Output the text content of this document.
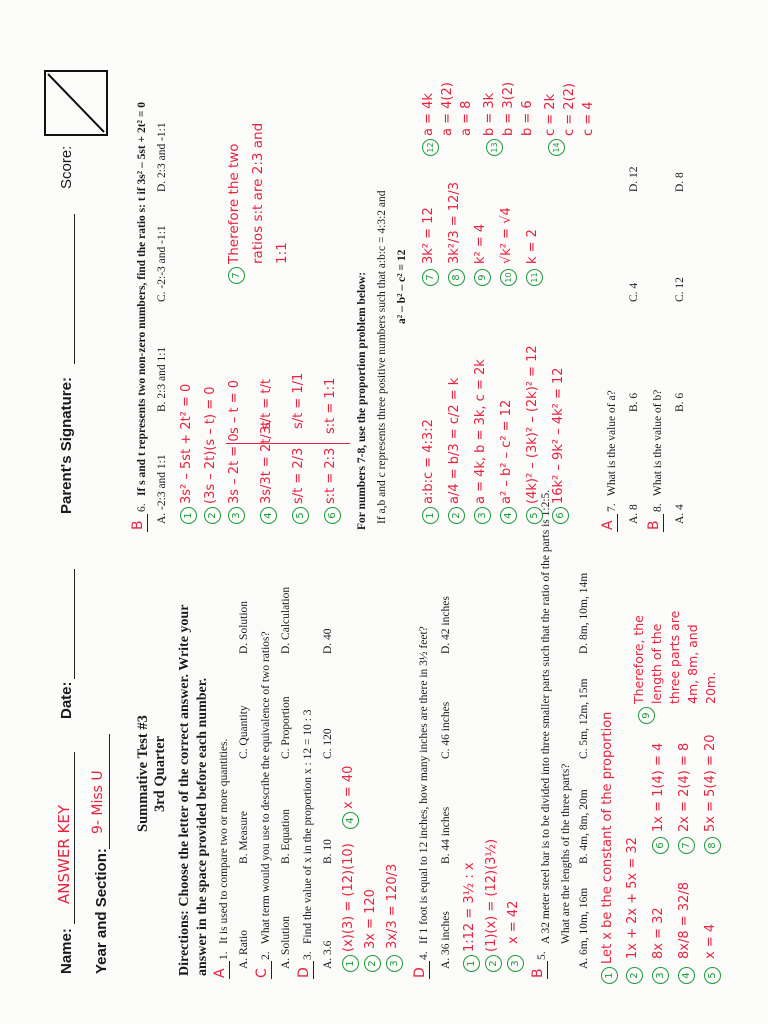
Name:
ANSWER KEY
Date:
Parent's Signature:
Score:
Year and Section:
9- Miss U Summative Test #3 3rd Quarter Directions: Choose the letter of the correct answer. Write your answer in the space provided before each number. A
1.
It is used to compare two or more quantities.
A. Ratio
B. Measure
C. Quantity
D. Solution
C
2.
What term would you use to describe the equivalence of two ratios? A. Solution
B. Equation
C. Proportion
D. Calculation
D
3.
Find the value of x in the proportion x : 12 = 10 : 3
A. 3.6
B. 10
C. 120
D. 40
1
(x)(3) = (12)(10)
2
3x = 120
3
3x/3 = 120/3
4
x = 40
D
4.
If 1 foot is equal to 12 inches, how many inches are there in 3½ feet? A. 36 inches
B. 44 inches
C. 46 inches
D. 42 inches
1
1:12 = 3½ : x
2
(1)(x) = (12)(3½)
3
x = 42
B
5.
A 32 meter steel bar is to be divided into three smaller parts such that the ratio of the parts is 1:2:5. What are the lengths of the three parts? A. 6m, 10m, 16m
B. 4m, 8m, 20m
C. 5m, 12m, 15m
D. 8m, 10m, 14m
1
Let x be the constant of the proportion
2
1x + 2x + 5x = 32
3
8x = 32
4
8x/8 = 32/8
5
x = 4
6
1x = 1(4) = 4
7
2x = 2(4) = 8
8
5x = 5(4) = 20
9
Therefore, the length of the three parts are 4m, 8m, and 20m.
B
6.
If s and t represents two non-zero numbers, find the ratio s: t if 3s² – 5st + 2t² = 0 A. -2:3 and 1:1
B. 2:3 and 1:1
C. -2:-3 and -1:1
D. 2:3 and -1:1
1
3s² – 5st + 2t² = 0
2
(3s – 2t)(s – t) = 0
3
3s – 2t = 0
4
3s/3t = 2t/3t
5
s/t = 2/3
6
s:t = 2:3
s – t = 0 s/t = t/t s/t = 1/1 s:t = 1:1
7
Therefore the two ratios s:t are 2:3 and 1:1
For numbers 7-8, use the proportion problem below: If a,b and c represents three positive numbers such that a:b:c = 4:3:2 and a² – b² – c² = 12
1
a:b:c = 4:3:2
2
a/4 = b/3 = c/2 = k
3
a = 4k, b = 3k, c = 2k
4
a² – b² – c² = 12
5
(4k)² – (3k)² – (2k)² = 12
6
16k² – 9k² – 4k² = 12
7
3k² = 12
8
3k²/3 = 12/3
9
k² = 4
10
√k² = √4
11
k = 2
12
a = 4k a = 4(2) a = 8
13
b = 3k b = 3(2) b = 6
14
c = 2k c = 2(2) c = 4
A
7.
What is the value of a?
A. 8
B. 6
C. 4
D. 12
B
8.
What is the value of b?
A. 4
B. 6
C. 12
D. 8
